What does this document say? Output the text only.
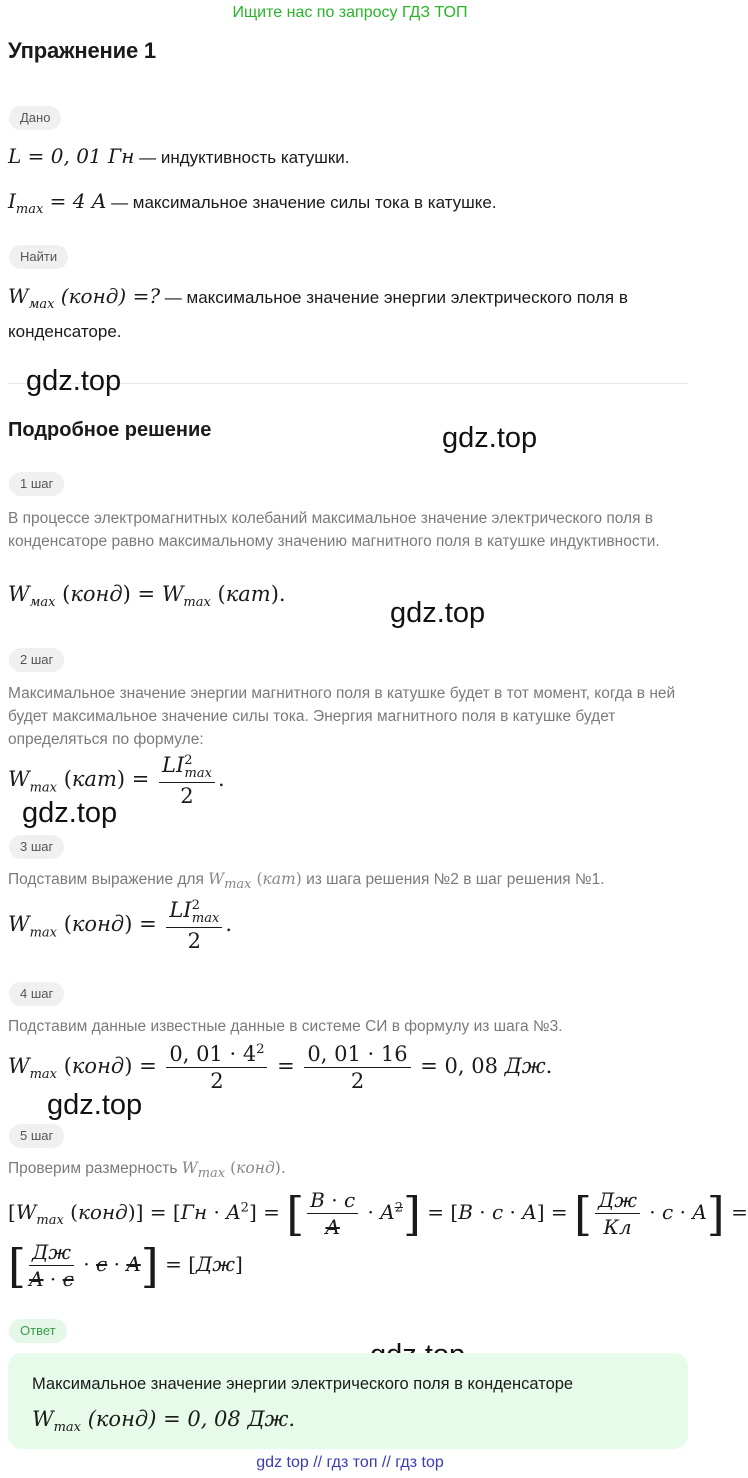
Ищите нас по запросу ГДЗ ТОП
Упражнение 1
Дано
L = 0, 01 Гн — индуктивность катушки.
$I_{max} = 4$ A — максимальное значение силы тока в катушке.
Найти
$W_{мах}$ (конд) =? — максимальное значение энергии электрического поля в
конденсаторе.
gdz.top
gdz.top
gdz.top
gdz.top
gdz.top
Подробное решение
1 шаг
В процессе электромагнитных колебаний максимальное значение электрического поля в конденсаторе равно максимальному значению магнитного поля в катушке индуктивности.
$W_{мах}$ (конд) = $W_{max}$ (кат).
2 шаг
Максимальное значение энергии магнитного поля в катушке будет в тот момент, когда в ней будет максимальное значение силы тока. Энергия магнитного поля в катушке будет определяться по формуле:
$W_{max}$ $(кат) = \frac{LI^2_{max}}{2}$ .
3 шаг
Подставим выражение для $W_{max}$ (кат) из шага решения №2 в шаг решения №1.
$W_{max}$ (конд) = $\frac{LI^2_{max}}{2}$ .
4 шаг
Подставим данные известные данные в системе СИ в формулу из шага №3.
$W_{max}$ (конд) = $\frac{0, 01 \cdot 4^2}{2} = \frac{0, 01 \cdot 16}{2} = 0$, 08 Дж.
5 шаг
Проверим размерность $W_{max}$ (конд).
[$W_{max}$ (конд)] = $[Гн \cdot A^2]$ = [ $\frac{В \cdot с}{A} \cdot A^2] = [В \cdot с \cdot A]$ = [ $\frac{Дж}{Кл} \cdot с \cdot A$] =
[ $\frac{Дж}{A \cdot с} \cdot с \cdot A] = [Дж]$
Ответ
Максимальное значение энергии электрического поля в конденсаторе
$W_{max}$ (конд) = 0, 08 Дж.
gdz top // гдз топ // гдз top
